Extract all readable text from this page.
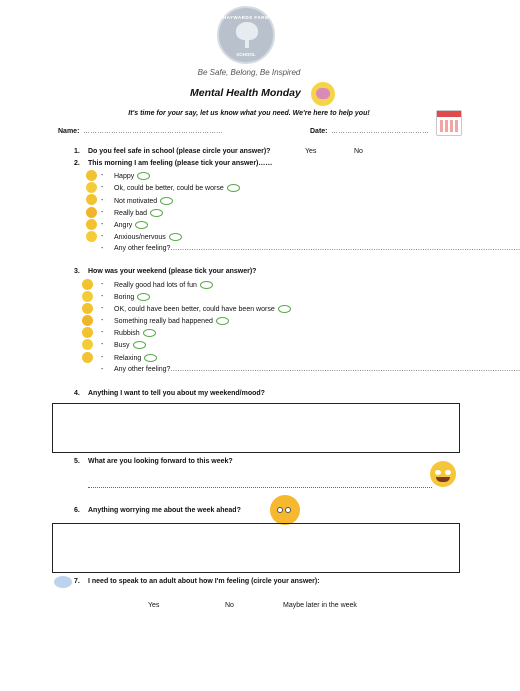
HAYWARDS FARM
SCHOOL
Be Safe, Belong, Be Inspired
Mental Health Monday
It's time for your say, let us know what you need. We're here to help you!
Name: ……………………………………………………	Date: ……………………………………
1. Do you feel safe in school (please circle your answer)?	Yes	No
2. This morning I am feeling (please tick your answer)……
- Happy
- Ok, could be better, could be worse
- Not motivated
- Really bad
- Angry
- Anxious/nervous
- Any other feeling?……………………………………………………………………………………………………………………………………
3. How was your weekend (please tick your answer)?
- Really good had lots of fun
- Boring
- OK, could have been better, could have been worse
- Something really bad happened
- Rubbish
- Busy
- Relaxing
- Any other feeling?……………………………………………………………………………………………………………………………………
4. Anything I want to tell you about my weekend/mood?
5. What are you looking forward to this week?
6. Anything worrying me about the week ahead?
7. I need to speak to an adult about how I'm feeling (circle your answer):
Yes	No	Maybe later in the week
